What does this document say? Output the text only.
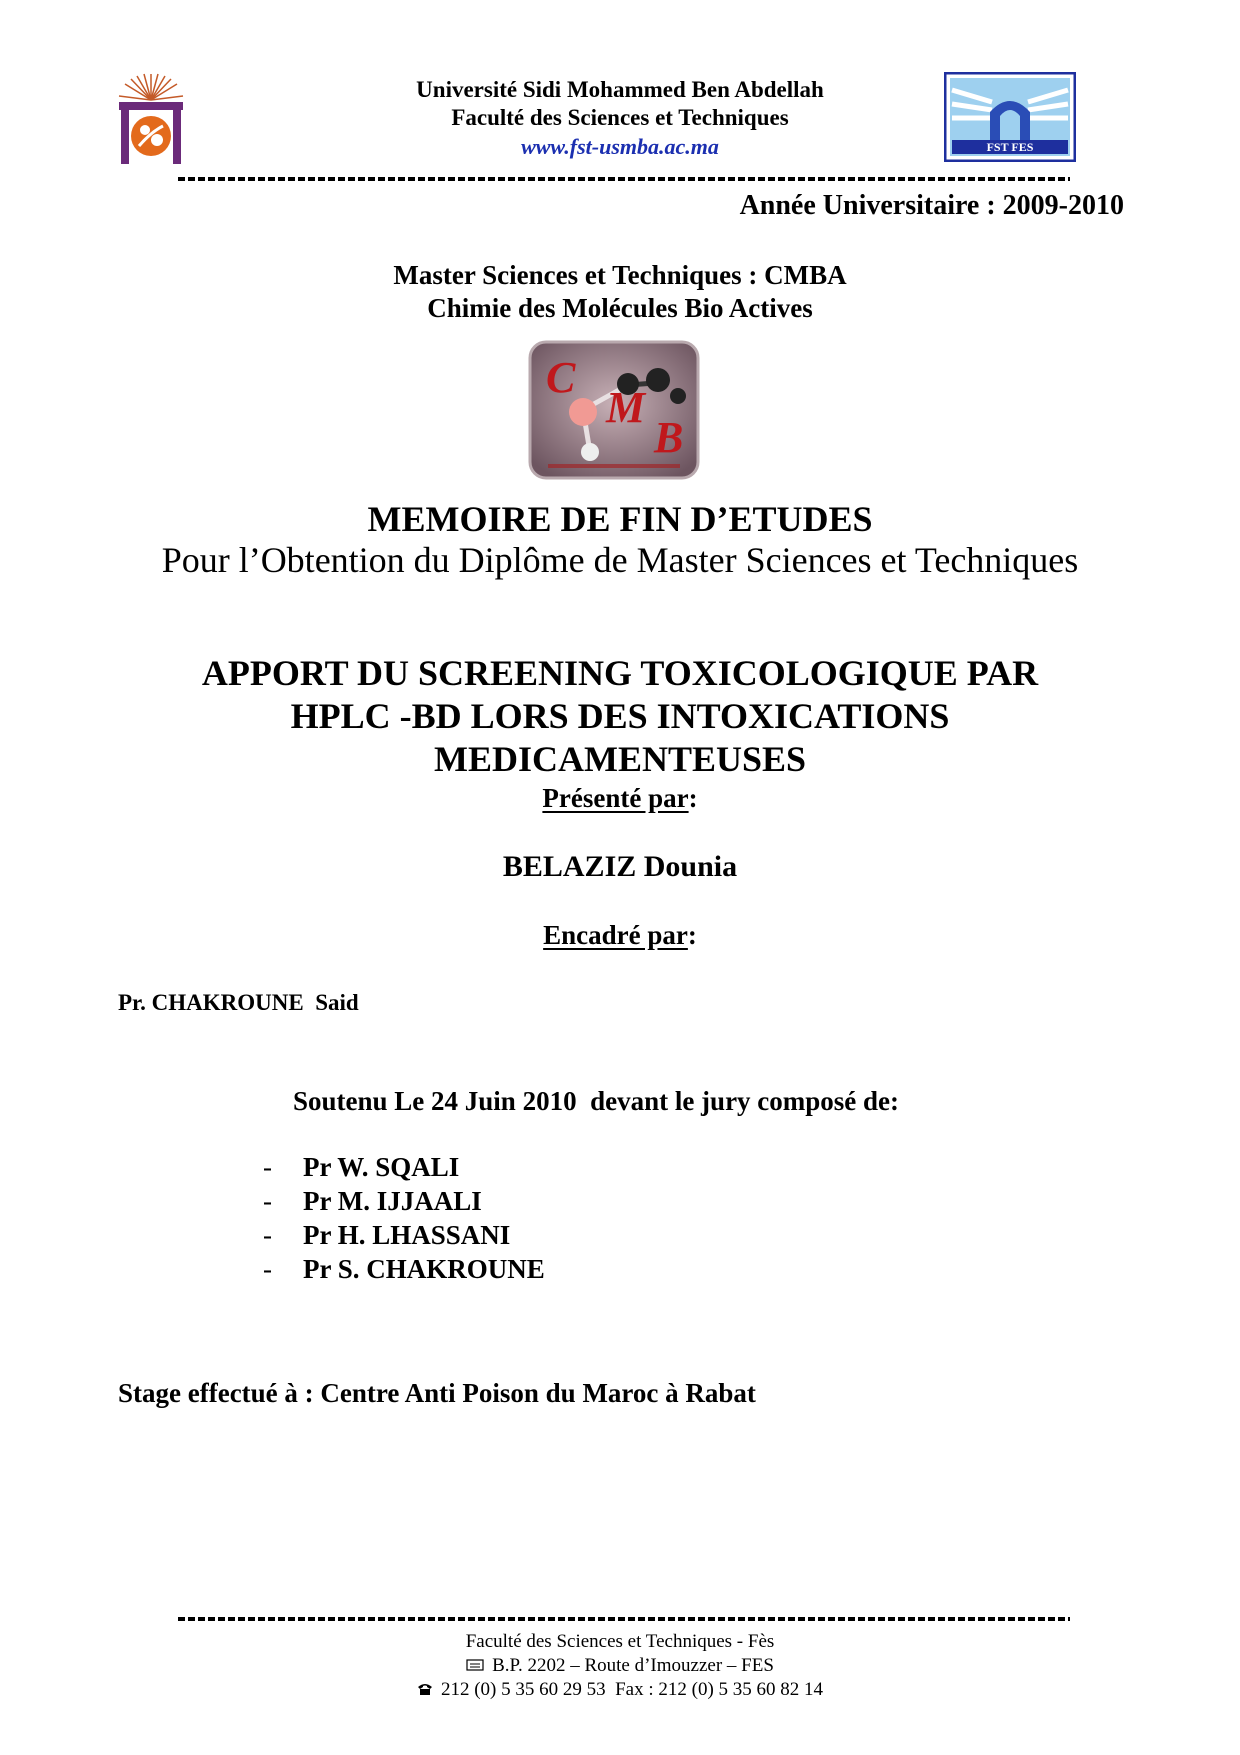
Université Sidi Mohammed Ben Abdellah
Faculté des Sciences et Techniques
www.fst-usmba.ac.ma	FST FES
Année Universitaire : 2009-2010
Master Sciences et Techniques : CMBA
Chimie des Molécules Bio Actives
C
M
B
MEMOIRE DE FIN D’ETUDES
Pour l’Obtention du Diplôme de Master Sciences et Techniques
APPORT DU SCREENING TOXICOLOGIQUE PAR
HPLC -BD LORS DES INTOXICATIONS
MEDICAMENTEUSES
Présenté par:
BELAZIZ Dounia
Encadré par:
Pr. CHAKROUNE  Said
Soutenu Le 24 Juin 2010  devant le jury composé de:
- Pr W. SQALI
- Pr M. IJJAALI
- Pr H. LHASSANI
- Pr S. CHAKROUNE
Stage effectué à : Centre Anti Poison du Maroc à Rabat
Faculté des Sciences et Techniques - Fès
B.P. 2202 – Route d’Imouzzer – FES
212 (0) 5 35 60 29 53  Fax : 212 (0) 5 35 60 82 14
